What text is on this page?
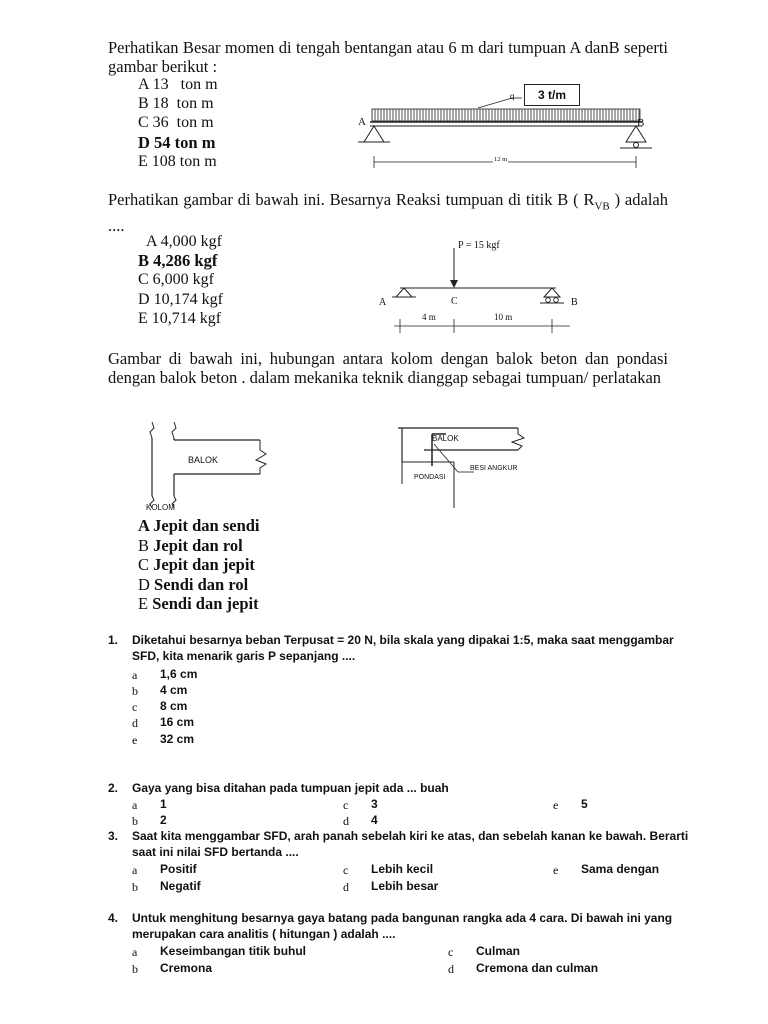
Perhatikan Besar momen di tengah bentangan atau 6 m dari tumpuan A danB seperti gambar berikut :
A 13   ton m
B 18  ton m
C 36  ton m
D 54 ton m
E 108 ton m
3 t/m
q
A	B
12 m
Perhatikan gambar di bawah ini. Besarnya Reaksi tumpuan di titik B ( $R_{VB}$ ) adalah ....
A 4,000 kgf
B 4,286 kgf
C 6,000 kgf
D 10,174 kgf
E 10,714 kgf
P = 15 kgf
A	C	B
4 m	10 m
Gambar di bawah ini, hubungan antara kolom dengan balok beton dan pondasi dengan balok beton . dalam mekanika teknik dianggap sebagai tumpuan/ perlatakan
BALOK
KOLOM
BALOK
BESI ANGKUR
PONDASI
A Jepit dan sendi
B Jepit dan rol
C Jepit dan jepit
D Sendi dan rol
E Sendi dan jepit
1. Diketahui besarnya beban Terpusat = 20 N, bila skala yang dipakai 1:5, maka saat menggambar SFD, kita menarik garis P sepanjang ....
a 1,6 cm
b 4 cm
c 8 cm
d 16 cm
e 32 cm
2. Gaya yang bisa ditahan pada tumpuan jepit ada ... buah
a 1	c 3	e 5
b 2	d 4
3. Saat kita menggambar SFD, arah panah sebelah kiri ke atas, dan sebelah kanan ke bawah. Berarti saat ini nilai SFD bertanda ....
a Positif	c Lebih kecil	e Sama dengan
b Negatif	d Lebih besar
4. Untuk menghitung besarnya gaya batang pada bangunan rangka ada 4 cara. Di bawah ini yang merupakan cara analitis ( hitungan ) adalah ....
a Keseimbangan titik buhul	c Culman
b Cremona	d Cremona dan culman
